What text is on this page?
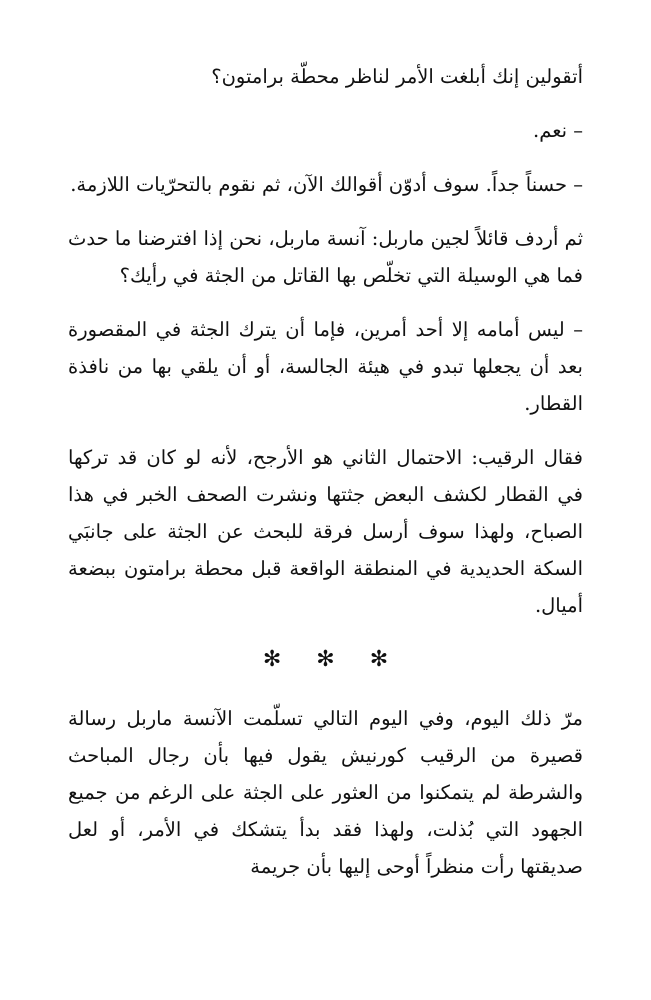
أتقولين إنك أبلغت الأمر لناظر محطّة برامتون؟

– نعم.

– حسناً جداً. سوف أدوّن أقوالك الآن، ثم نقوم بالتحرّيات اللازمة.

ثم أردف قائلاً لجين ماربل: آنسة ماربل، نحن إذا افترضنا ما حدث فما هي الوسيلة التي تخلّص بها القاتل من الجثة في رأيك؟

– ليس أمامه إلا أحد أمرين، فإما أن يترك الجثة في المقصورة بعد أن يجعلها تبدو في هيئة الجالسة، أو أن يلقي بها من نافذة القطار.

فقال الرقيب: الاحتمال الثاني هو الأرجح، لأنه لو كان قد تركها في القطار لكشف البعض جثتها ونشرت الصحف الخبر في هذا الصباح، ولهذا سوف أرسل فرقة للبحث عن الجثة على جانبَي السكة الحديدية في المنطقة الواقعة قبل محطة برامتون ببضعة أميال.

✻ ✻ ✻

مرّ ذلك اليوم، وفي اليوم التالي تسلّمت الآنسة ماربل رسالة قصيرة من الرقيب كورنيش يقول فيها بأن رجال المباحث والشرطة لم يتمكنوا من العثور على الجثة على الرغم من جميع الجهود التي بُذلت، ولهذا فقد بدأ يتشكك في الأمر، أو لعل صديقتها رأت منظراً أوحى إليها بأن جريمة
